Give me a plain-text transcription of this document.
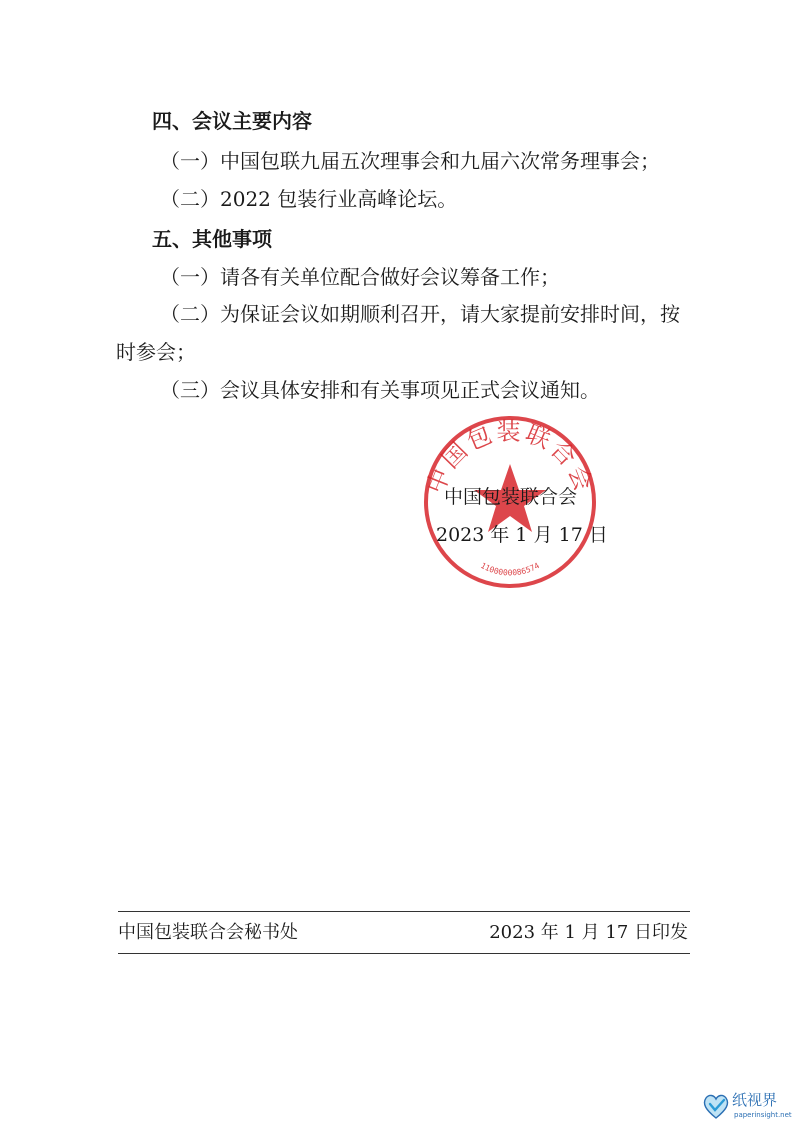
四、会议主要内容
（一）中国包联九届五次理事会和九届六次常务理事会；
（二）2022 包装行业高峰论坛。
五、其他事项
（一）请各有关单位配合做好会议筹备工作；
（二）为保证会议如期顺利召开，请大家提前安排时间，按
时参会；
（三）会议具体安排和有关事项见正式会议通知。
中国包装联合会
1100000086574
中国包装联合会
2023 年 1 月 17 日
中国包装联合会秘书处	2023 年 1 月 17 日印发
纸视界
paperinsight.net
